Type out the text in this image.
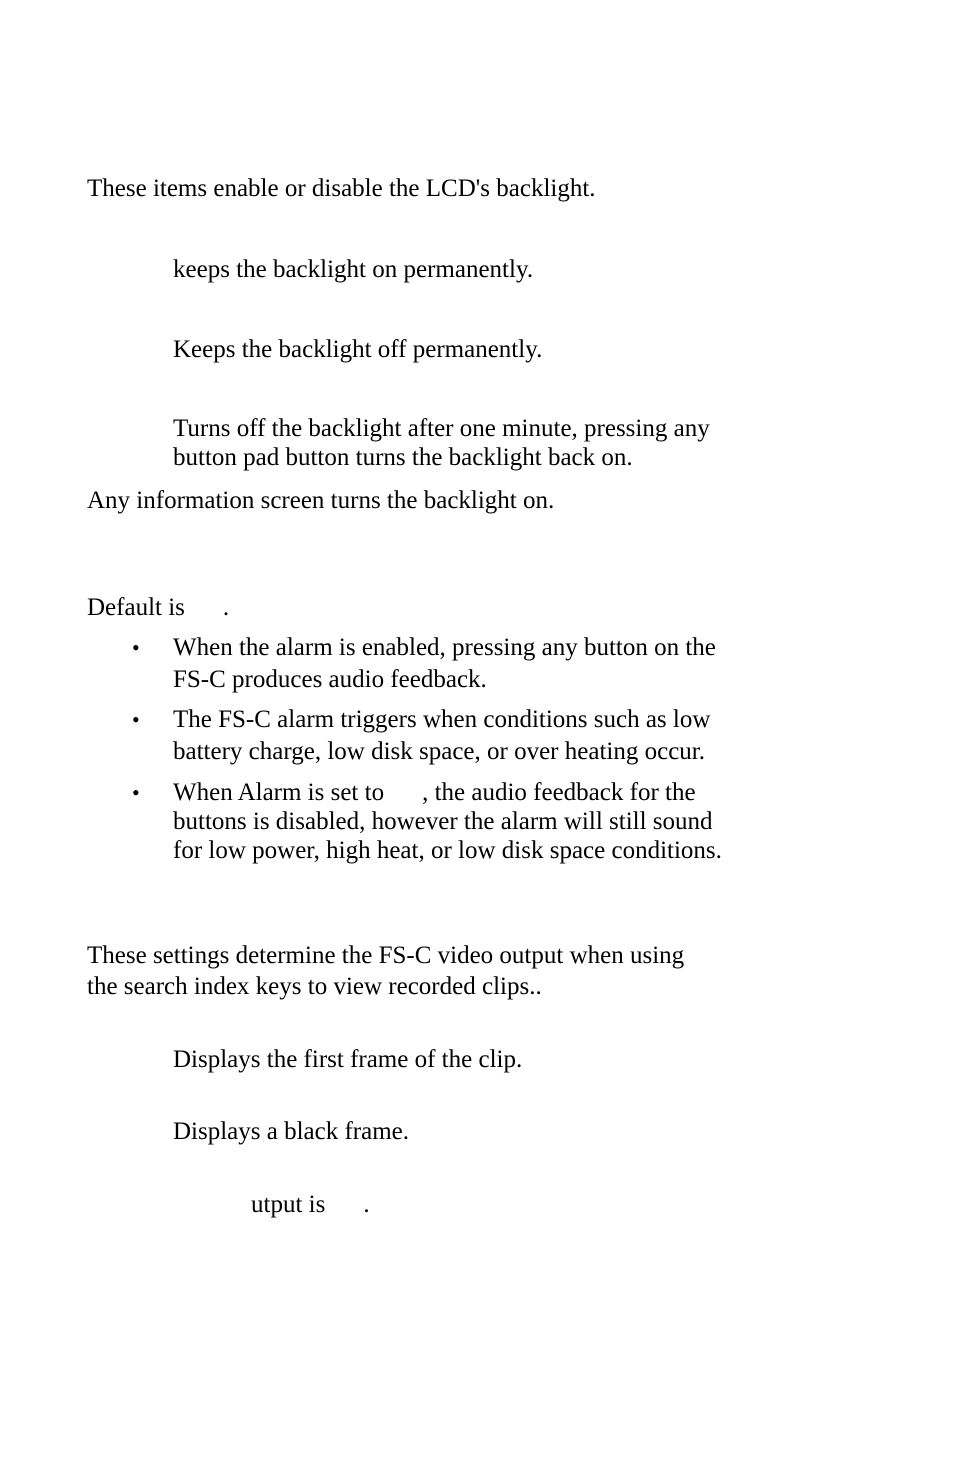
These items enable or disable the LCD's backlight.
keeps the backlight on permanently.
Keeps the backlight off permanently.
Turns off the backlight after one minute, pressing any
button pad button turns the backlight back on.
Any information screen turns the backlight on.
Default is .
• When the alarm is enabled, pressing any button on the
FS-C produces audio feedback.
• The FS-C alarm triggers when conditions such as low
battery charge, low disk space, or over heating occur.
• When Alarm is set to , the audio feedback for the
buttons is disabled, however the alarm will still sound
for low power, high heat, or low disk space conditions.
These settings determine the FS-C video output when using
the search index keys to view recorded clips..
Displays the first frame of the clip.
Displays a black frame.
utput is .
